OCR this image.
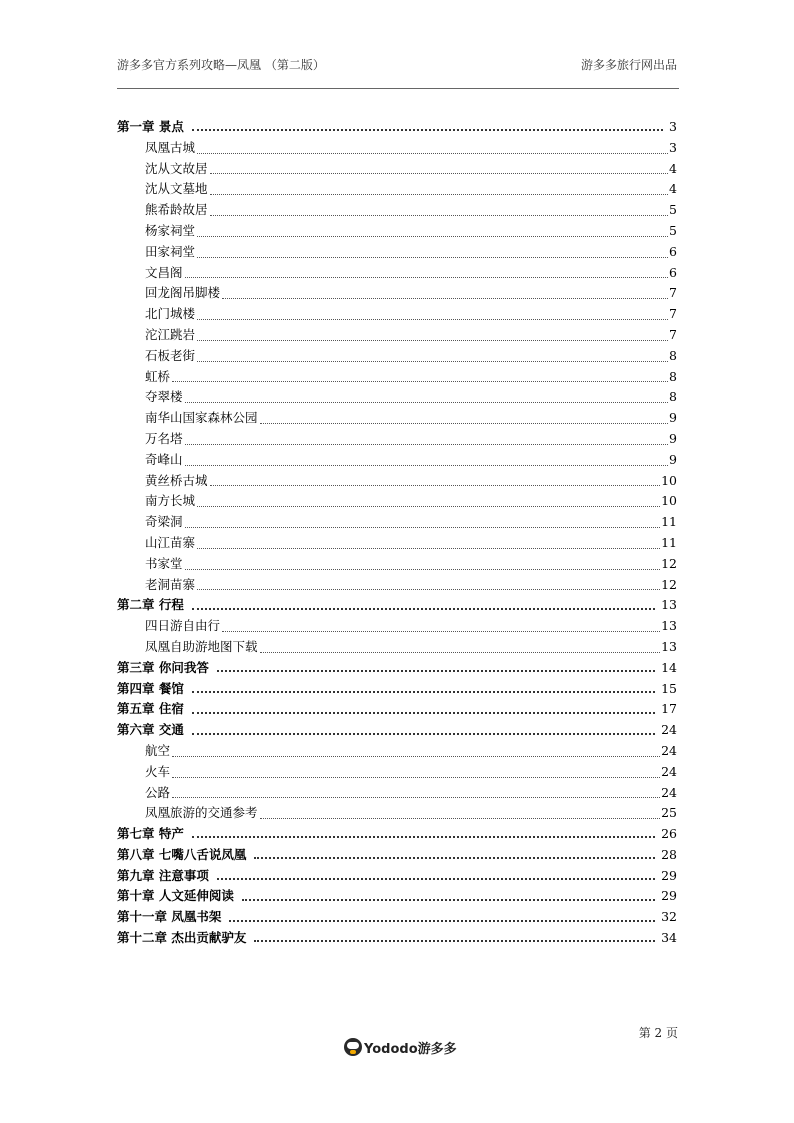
游多多官方系列攻略—凤凰 （第二版）	游多多旅行网出品
第一章 景点	3
凤凰古城	3
沈从文故居	4
沈从文墓地	4
熊希龄故居	5
杨家祠堂	5
田家祠堂	6
文昌阁	6
回龙阁吊脚楼	7
北门城楼	7
沱江跳岩	7
石板老街	8
虹桥	8
夺翠楼	8
南华山国家森林公园	9
万名塔	9
奇峰山	9
黄丝桥古城	10
南方长城	10
奇梁洞	11
山江苗寨	11
书家堂	12
老洞苗寨	12
第二章 行程	13
四日游自由行	13
凤凰自助游地图下载	13
第三章 你问我答	14
第四章 餐馆	15
第五章 住宿	17
第六章 交通	24
航空	24
火车	24
公路	24
凤凰旅游的交通参考	25
第七章 特产	26
第八章 七嘴八舌说凤凰	28
第九章 注意事项	29
第十章 人文延伸阅读	29
第十一章 凤凰书架	32
第十二章 杰出贡献驴友	34
第 2 页
Yododo游多多
